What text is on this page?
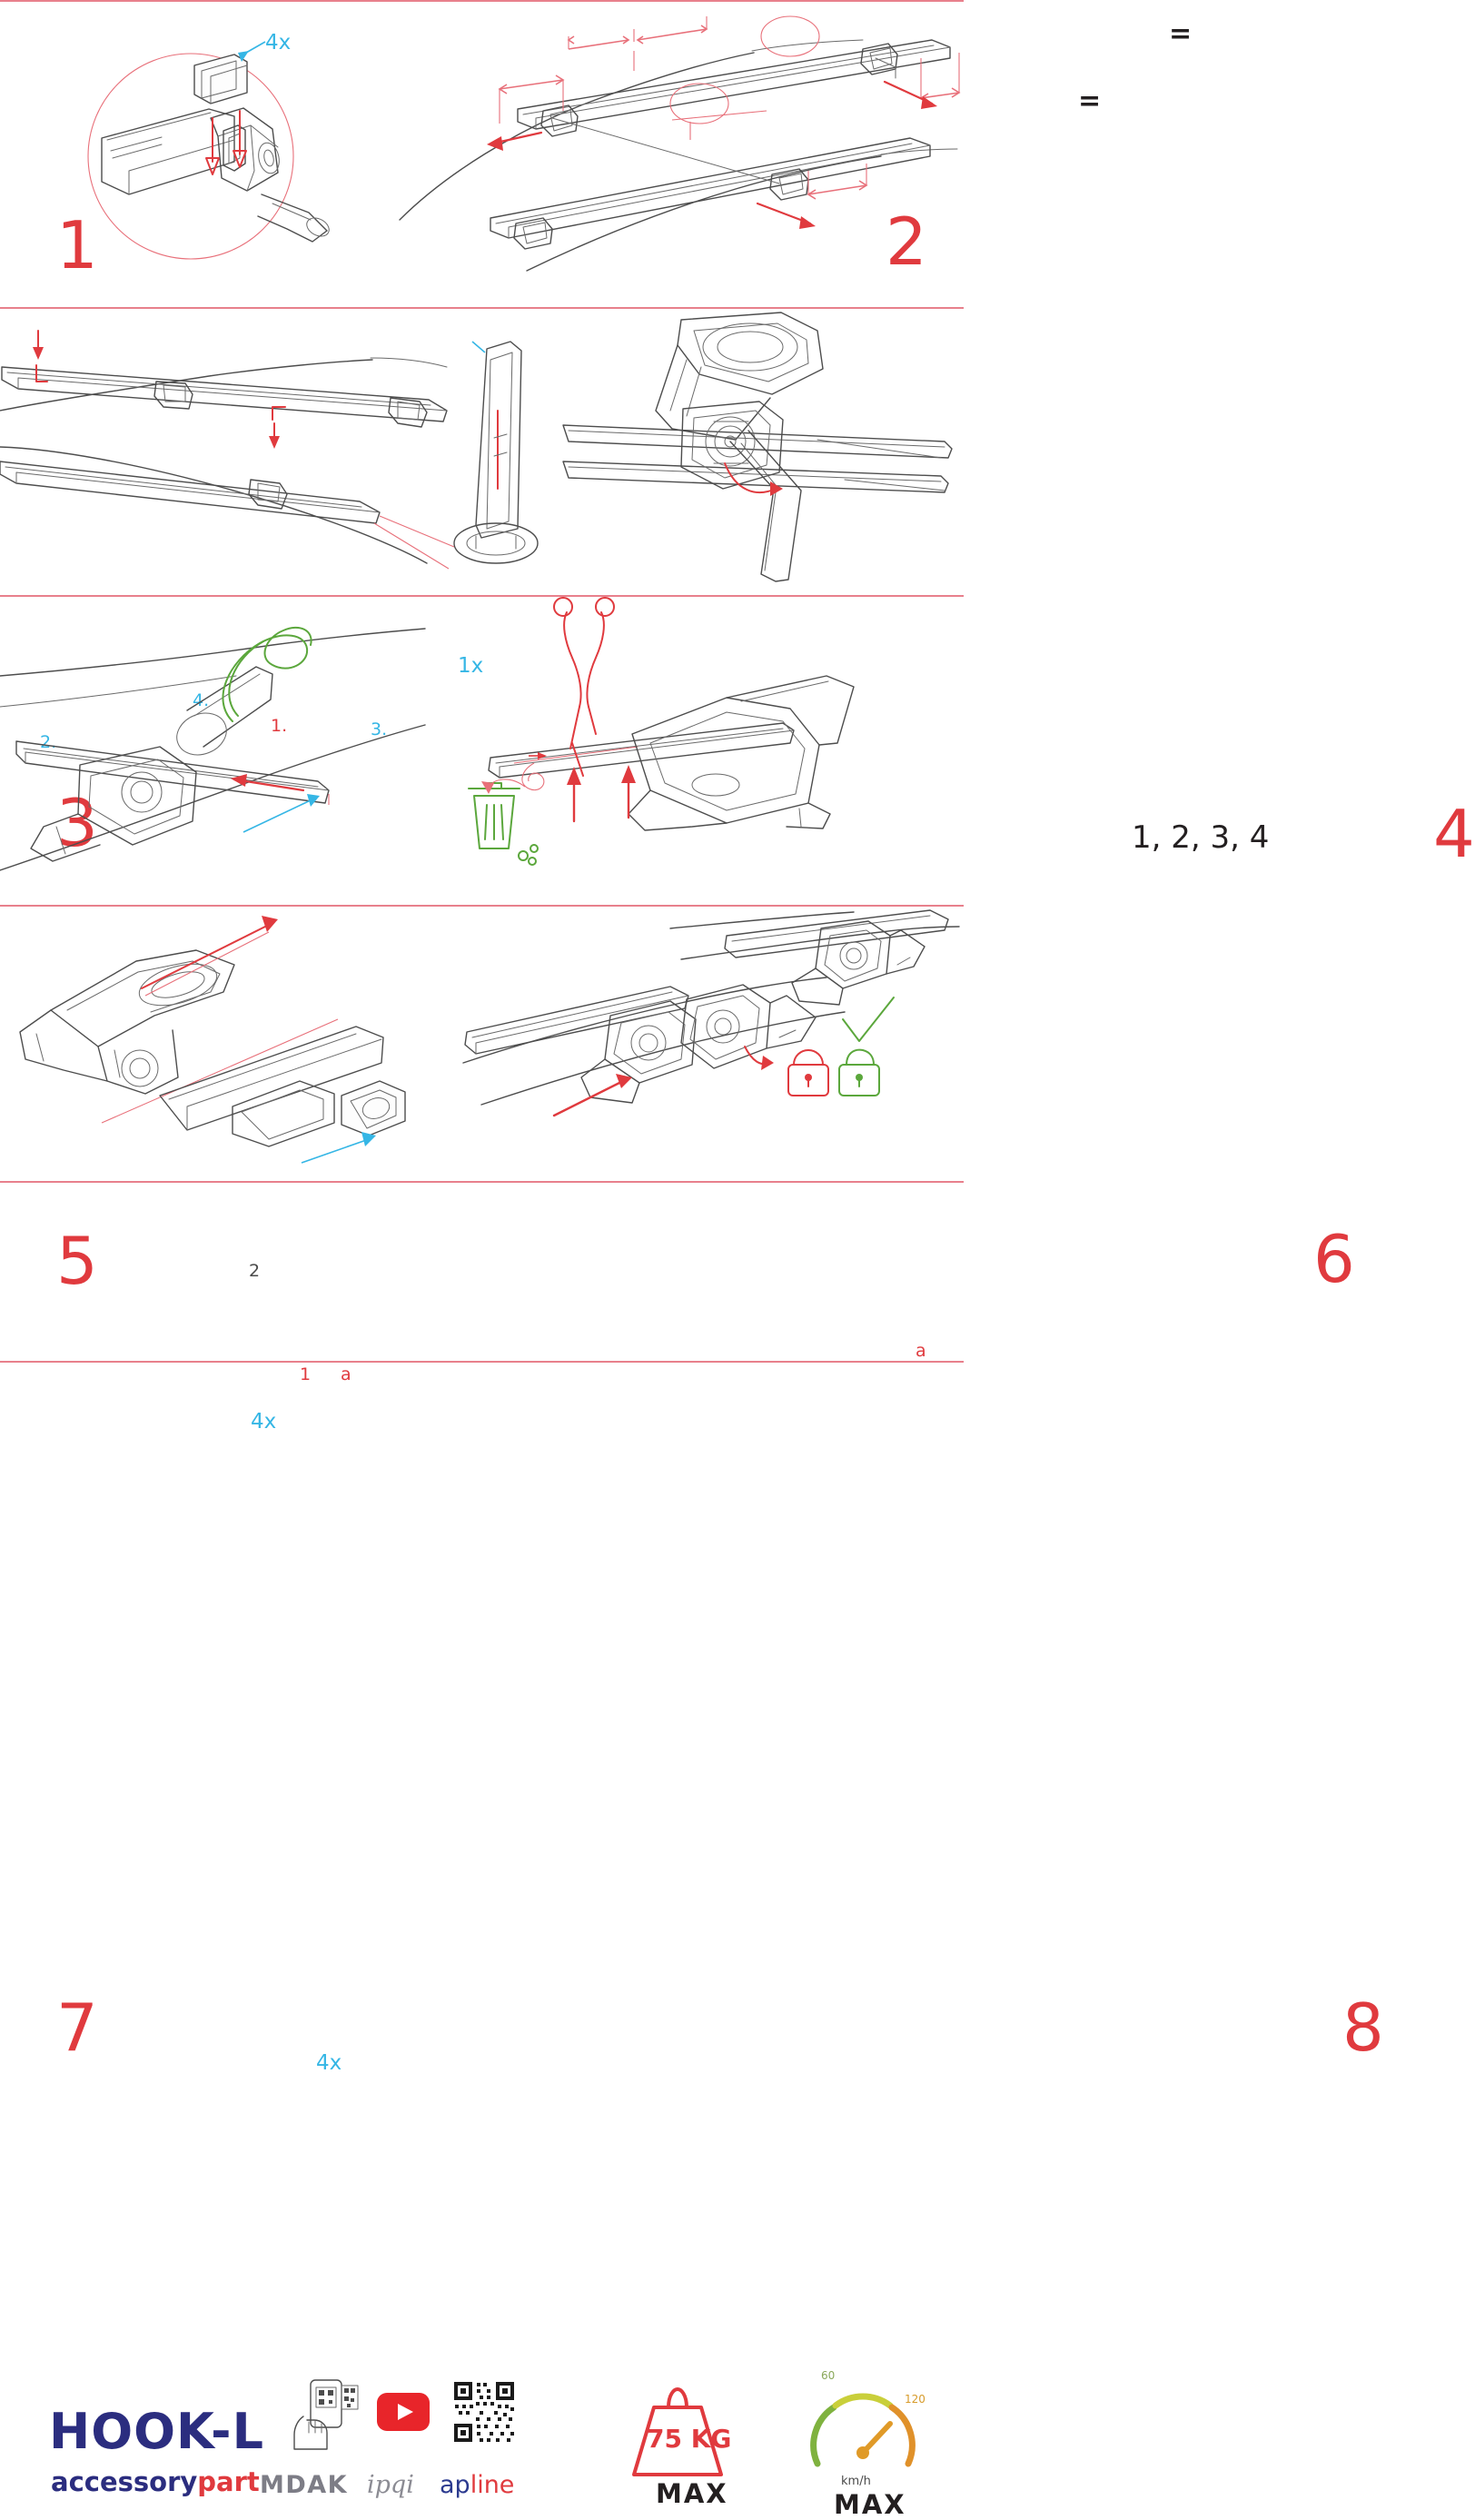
4x
1
=
=
2
1.
2.
3.
4.
1x
3	1, 2, 3, 4	4
2
1 a
4x
5
a
6
4x
7	8
HOOK-L
accessorypart MDAK ipqi apline
75 KG
MAX
60
120
km/h
MAX
